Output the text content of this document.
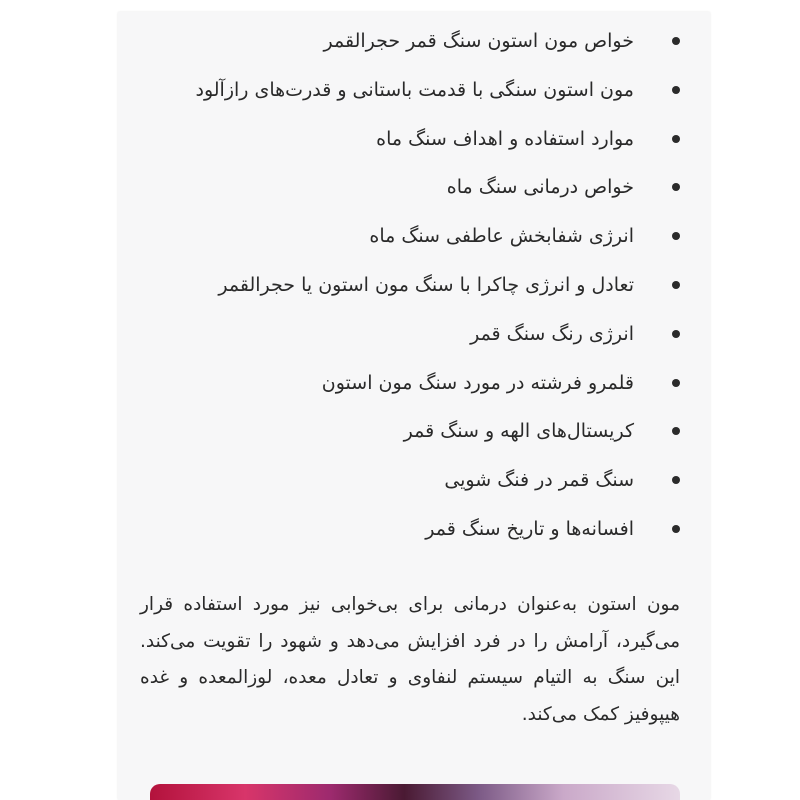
خواص مون استون سنگ قمر حجرالقمر
مون استون سنگی با قدمت باستانی و قدرت‌های رازآلود
موارد استفاده و اهداف سنگ ماه
خواص درمانی سنگ ماه
انرژی شفابخش عاطفی سنگ ماه
تعادل و انرژی چاکرا با سنگ مون استون یا حجرالقمر
انرژی رنگ سنگ قمر
قلمرو فرشته در مورد سنگ مون استون
کریستال‌های الهه و سنگ قمر
سنگ قمر در فنگ شویی
افسانه‌ها و تاریخ سنگ قمر

مون استون به‌عنوان درمانی برای بی‌خوابی نیز مورد استفاده قرار می‌گیرد، آرامش را در فرد افزایش می‌دهد و شهود را تقویت می‌کند. این سنگ به التیام سیستم لنفاوی و تعادل معده، لوزالمعده و غده هیپوفیز کمک می‌کند.
